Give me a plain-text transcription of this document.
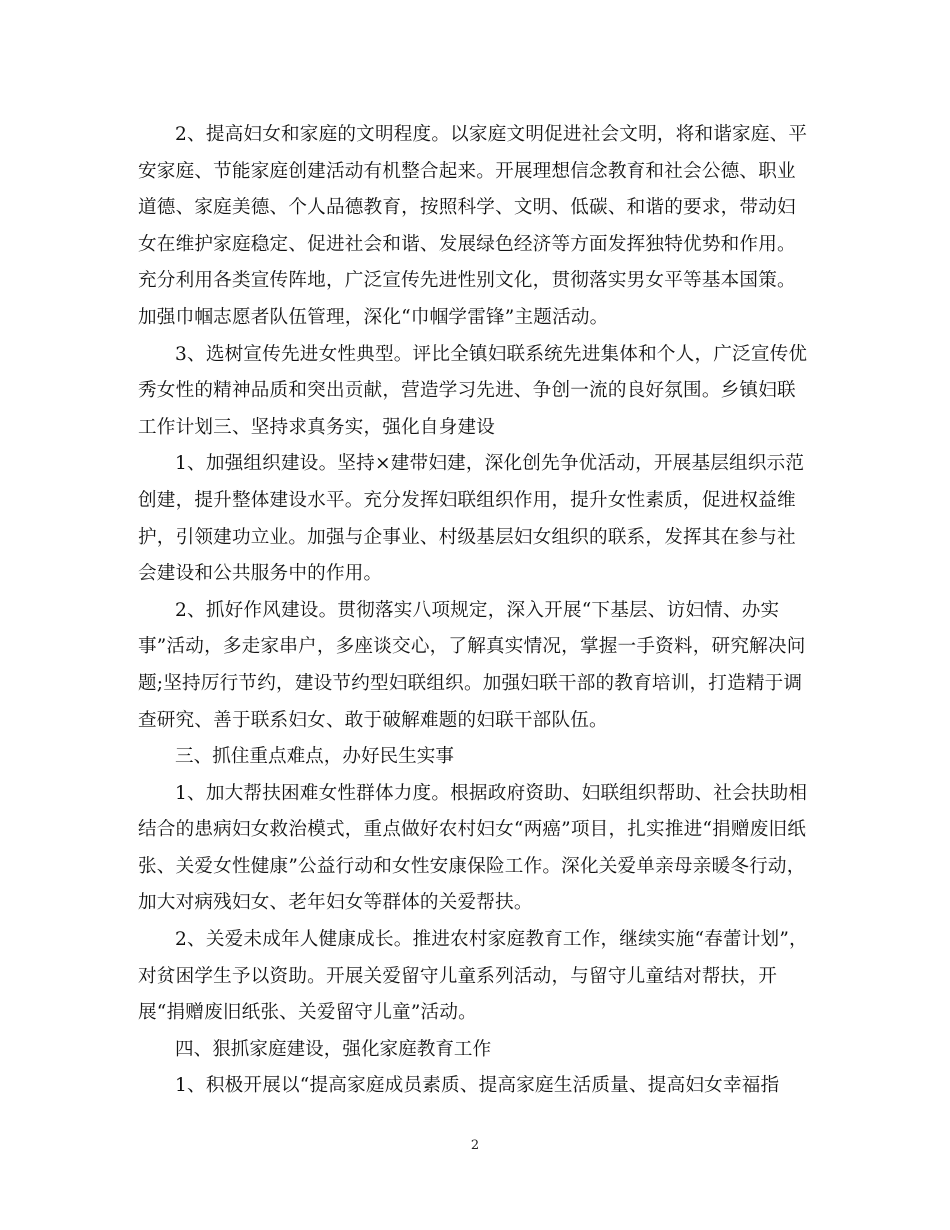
2、提高妇女和家庭的文明程度。以家庭文明促进社会文明，将和谐家庭、平
安家庭、节能家庭创建活动有机整合起来。开展理想信念教育和社会公德、职业
道德、家庭美德、个人品德教育，按照科学、文明、低碳、和谐的要求，带动妇
女在维护家庭稳定、促进社会和谐、发展绿色经济等方面发挥独特优势和作用。
充分利用各类宣传阵地，广泛宣传先进性别文化，贯彻落实男女平等基本国策。
加强巾帼志愿者队伍管理，深化“巾帼学雷锋”主题活动。

3、选树宣传先进女性典型。评比全镇妇联系统先进集体和个人，广泛宣传优
秀女性的精神品质和突出贡献，营造学习先进、争创一流的良好氛围。乡镇妇联
工作计划三、坚持求真务实，强化自身建设

1、加强组织建设。坚持×建带妇建，深化创先争优活动，开展基层组织示范
创建，提升整体建设水平。充分发挥妇联组织作用，提升女性素质，促进权益维
护，引领建功立业。加强与企事业、村级基层妇女组织的联系，发挥其在参与社
会建设和公共服务中的作用。

2、抓好作风建设。贯彻落实八项规定，深入开展“下基层、访妇情、办实
事”活动，多走家串户，多座谈交心，了解真实情况，掌握一手资料，研究解决问
题;坚持厉行节约，建设节约型妇联组织。加强妇联干部的教育培训，打造精于调
查研究、善于联系妇女、敢于破解难题的妇联干部队伍。

三、抓住重点难点，办好民生实事

1、加大帮扶困难女性群体力度。根据政府资助、妇联组织帮助、社会扶助相
结合的患病妇女救治模式，重点做好农村妇女“两癌”项目，扎实推进“捐赠废旧纸
张、关爱女性健康”公益行动和女性安康保险工作。深化关爱单亲母亲暖冬行动，
加大对病残妇女、老年妇女等群体的关爱帮扶。

2、关爱未成年人健康成长。推进农村家庭教育工作，继续实施“春蕾计划”，
对贫困学生予以资助。开展关爱留守儿童系列活动，与留守儿童结对帮扶，开
展“捐赠废旧纸张、关爱留守儿童”活动。

四、狠抓家庭建设，强化家庭教育工作

1、积极开展以“提高家庭成员素质、提高家庭生活质量、提高妇女幸福指

2
